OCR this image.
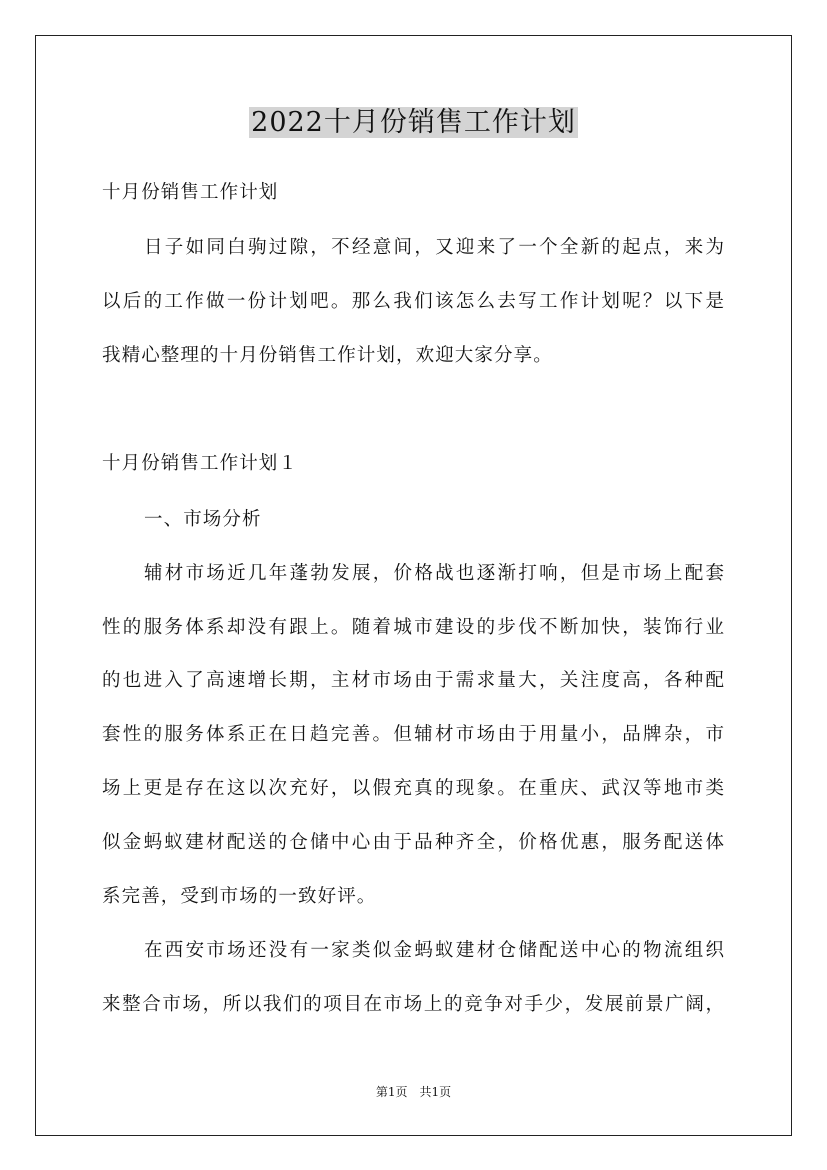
2022十月份销售工作计划
十月份销售工作计划
日子如同白驹过隙，不经意间，又迎来了一个全新的起点，来为
以后的工作做一份计划吧。那么我们该怎么去写工作计划呢？以下是
我精心整理的十月份销售工作计划，欢迎大家分享。
十月份销售工作计划１
一、市场分析
辅材市场近几年蓬勃发展，价格战也逐渐打响，但是市场上配套
性的服务体系却没有跟上。随着城市建设的步伐不断加快，装饰行业
的也进入了高速增长期，主材市场由于需求量大，关注度高，各种配
套性的服务体系正在日趋完善。但辅材市场由于用量小，品牌杂，市
场上更是存在这以次充好，以假充真的现象。在重庆、武汉等地市类
似金蚂蚁建材配送的仓储中心由于品种齐全，价格优惠，服务配送体
系完善，受到市场的一致好评。
在西安市场还没有一家类似金蚂蚁建材仓储配送中心的物流组织
来整合市场，所以我们的项目在市场上的竞争对手少，发展前景广阔，
第1页　共1页
